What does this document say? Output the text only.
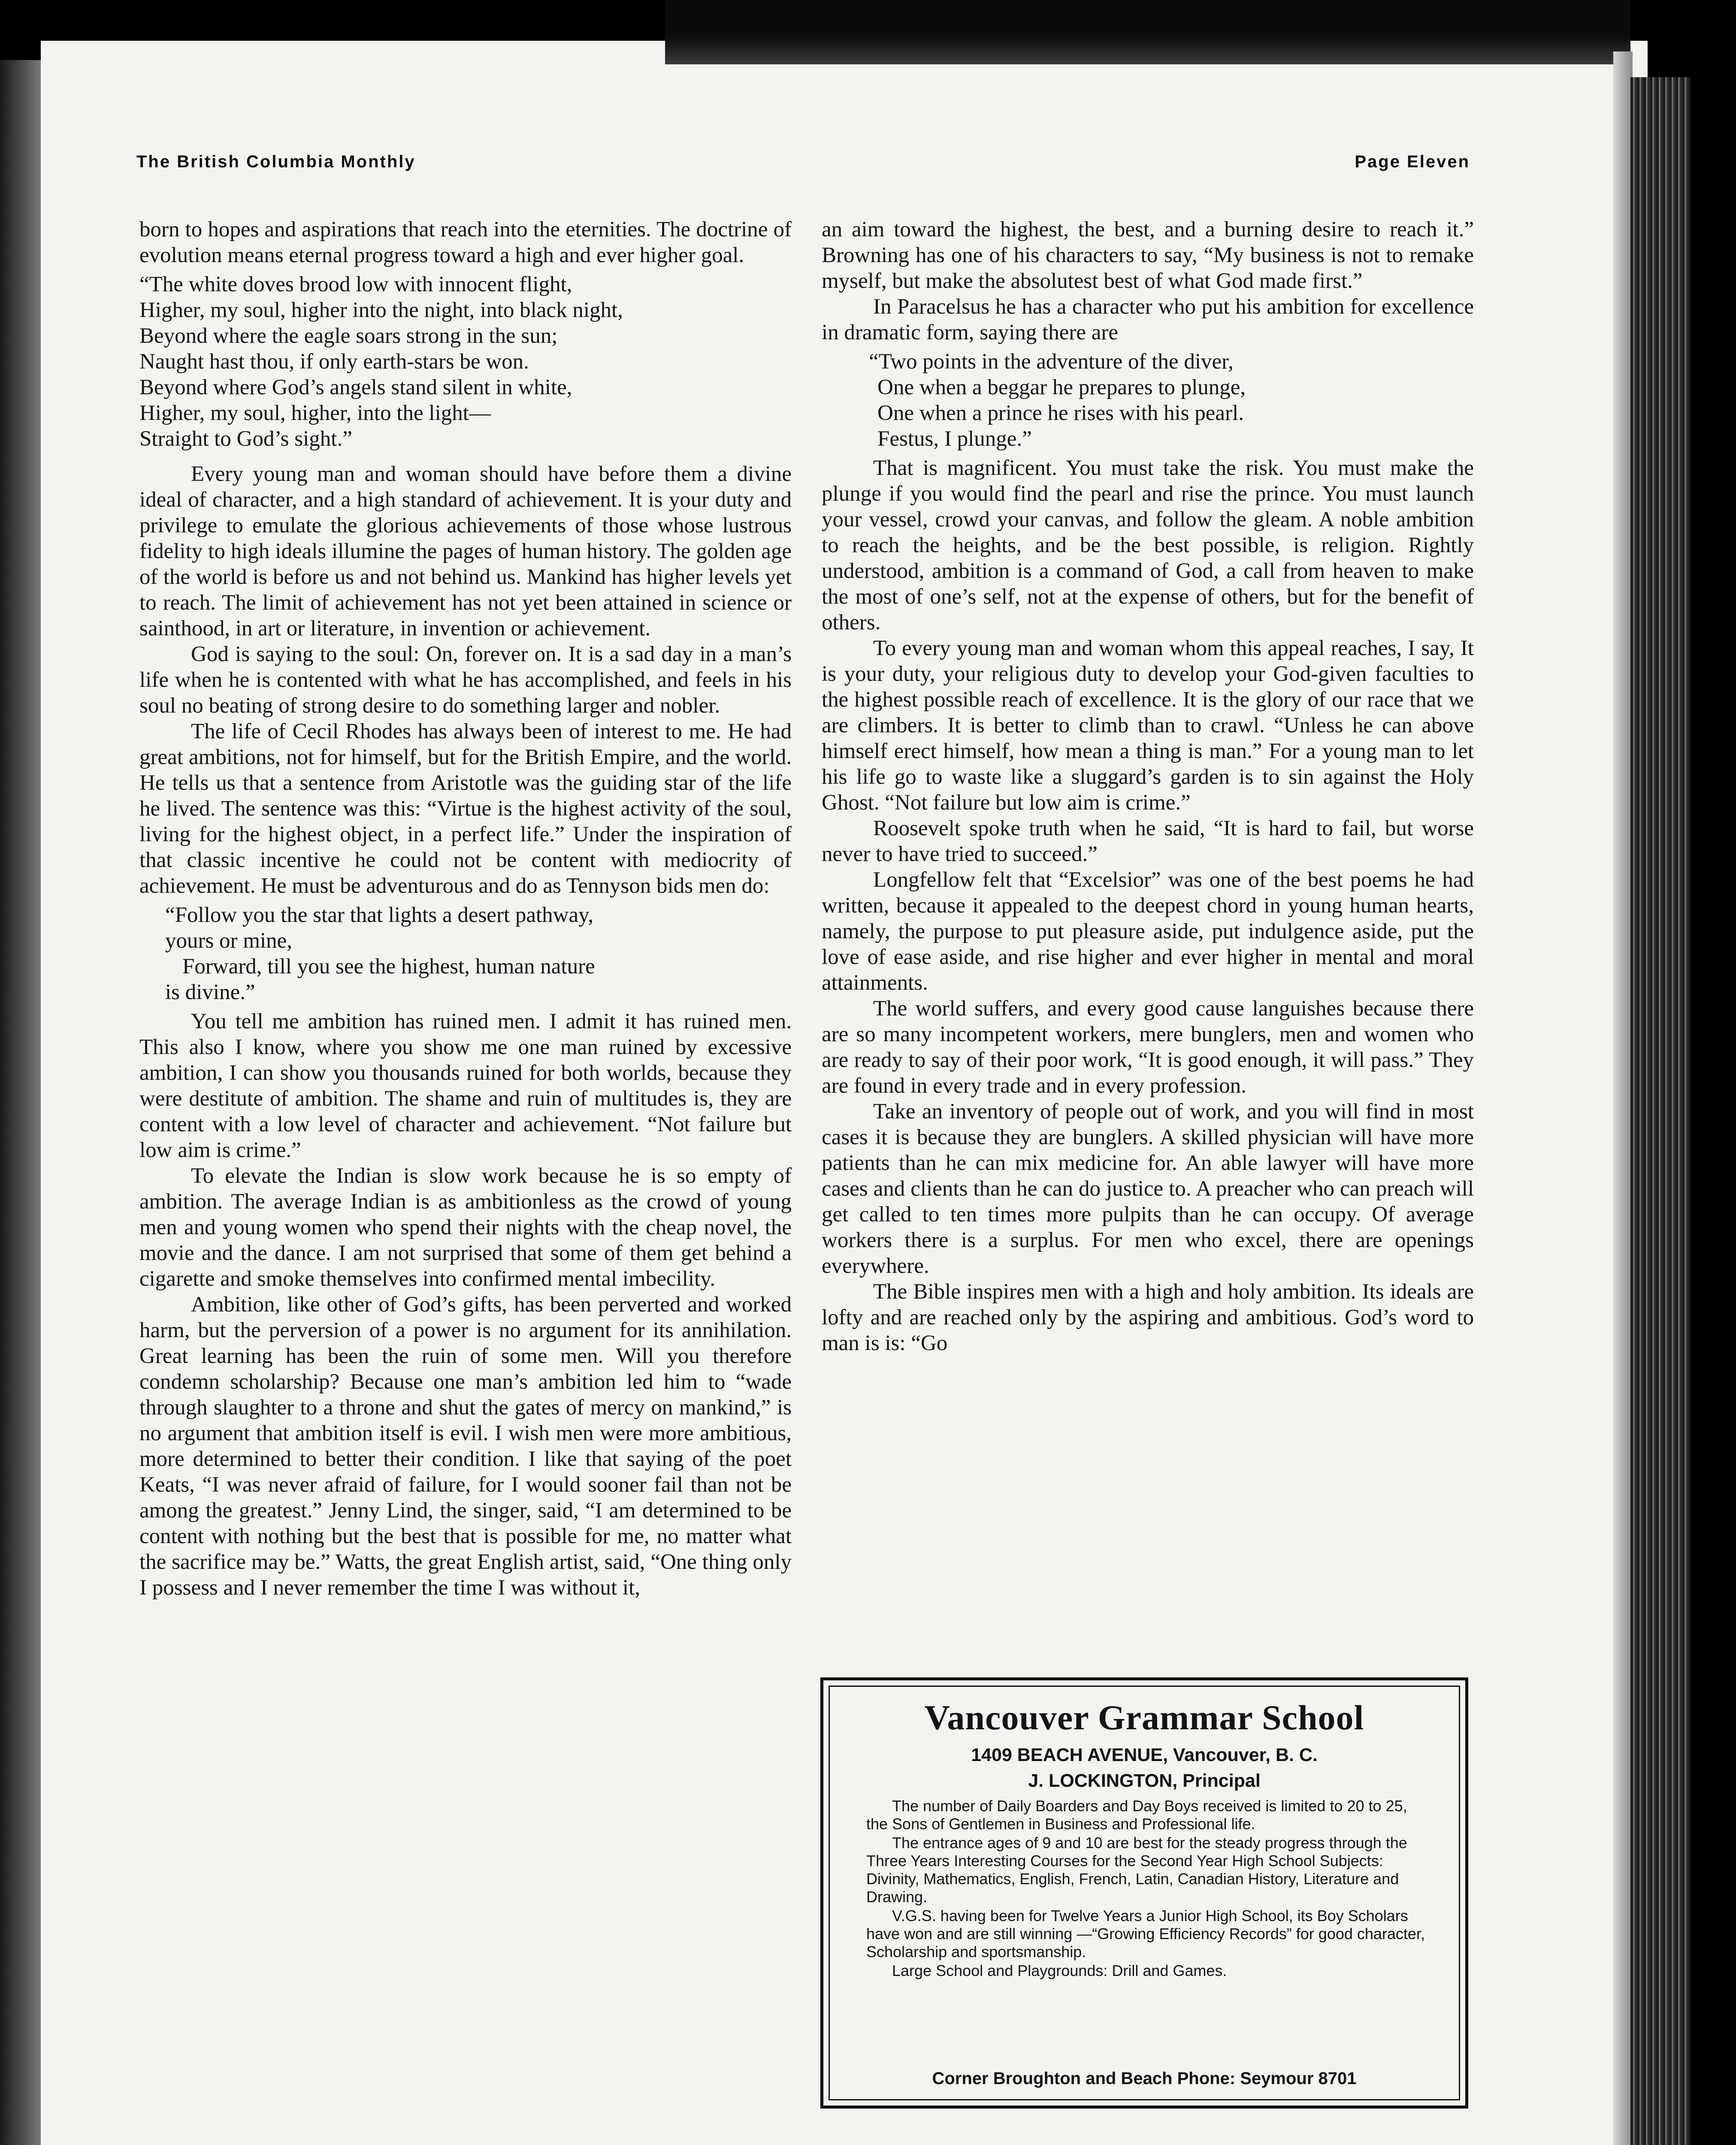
The British Columbia Monthly	Page Eleven

born to hopes and aspirations that reach into the eternities. The doctrine of evolution means eternal progress toward a high and ever higher goal.

“The white doves brood low with innocent flight,
Higher, my soul, higher into the night, into black night,
Beyond where the eagle soars strong in the sun;
Naught hast thou, if only earth-stars be won.
Beyond where God’s angels stand silent in white,
Higher, my soul, higher, into the light—
Straight to God’s sight.”

Every young man and woman should have before them a divine ideal of character, and a high standard of achievement. It is your duty and privilege to emulate the glorious achievements of those whose lustrous fidelity to high ideals illumine the pages of human history. The golden age of the world is before us and not behind us. Mankind has higher levels yet to reach. The limit of achievement has not yet been attained in science or sainthood, in art or literature, in invention or achievement.

God is saying to the soul: On, forever on. It is a sad day in a man’s life when he is contented with what he has accomplished, and feels in his soul no beating of strong desire to do something larger and nobler.

The life of Cecil Rhodes has always been of interest to me. He had great ambitions, not for himself, but for the British Empire, and the world. He tells us that a sentence from Aristotle was the guiding star of the life he lived. The sentence was this: “Virtue is the highest activity of the soul, living for the highest object, in a perfect life.” Under the inspiration of that classic incentive he could not be content with mediocrity of achievement. He must be adventurous and do as Tennyson bids men do:

“Follow you the star that lights a desert pathway,
yours or mine,
Forward, till you see the highest, human nature
is divine.”

You tell me ambition has ruined men. I admit it has ruined men. This also I know, where you show me one man ruined by excessive ambition, I can show you thousands ruined for both worlds, because they were destitute of ambition. The shame and ruin of multitudes is, they are content with a low level of character and achievement. “Not failure but low aim is crime.”

To elevate the Indian is slow work because he is so empty of ambition. The average Indian is as ambitionless as the crowd of young men and young women who spend their nights with the cheap novel, the movie and the dance. I am not surprised that some of them get behind a cigarette and smoke themselves into confirmed mental imbecility.

Ambition, like other of God’s gifts, has been perverted and worked harm, but the perversion of a power is no argument for its annihilation. Great learning has been the ruin of some men. Will you therefore condemn scholarship? Because one man’s ambition led him to “wade through slaughter to a throne and shut the gates of mercy on mankind,” is no argument that ambition itself is evil. I wish men were more ambitious, more determined to better their condition. I like that saying of the poet Keats, “I was never afraid of failure, for I would sooner fail than not be among the greatest.” Jenny Lind, the singer, said, “I am determined to be content with nothing but the best that is possible for me, no matter what the sacrifice may be.” Watts, the great English artist, said, “One thing only I possess and I never remember the time I was without it,

an aim toward the highest, the best, and a burning desire to reach it.” Browning has one of his characters to say, “My business is not to remake myself, but make the absolutest best of what God made first.”

In Paracelsus he has a character who put his ambition for excellence in dramatic form, saying there are

“Two points in the adventure of the diver,
One when a beggar he prepares to plunge,
One when a prince he rises with his pearl.
Festus, I plunge.”

That is magnificent. You must take the risk. You must make the plunge if you would find the pearl and rise the prince. You must launch your vessel, crowd your canvas, and follow the gleam. A noble ambition to reach the heights, and be the best possible, is religion. Rightly understood, ambition is a command of God, a call from heaven to make the most of one’s self, not at the expense of others, but for the benefit of others.

To every young man and woman whom this appeal reaches, I say, It is your duty, your religious duty to develop your God-given faculties to the highest possible reach of excellence. It is the glory of our race that we are climbers. It is better to climb than to crawl. “Unless he can above himself erect himself, how mean a thing is man.” For a young man to let his life go to waste like a sluggard’s garden is to sin against the Holy Ghost. “Not failure but low aim is crime.”

Roosevelt spoke truth when he said, “It is hard to fail, but worse never to have tried to succeed.”

Longfellow felt that “Excelsior” was one of the best poems he had written, because it appealed to the deepest chord in young human hearts, namely, the purpose to put pleasure aside, put indulgence aside, put the love of ease aside, and rise higher and ever higher in mental and moral attainments.

The world suffers, and every good cause languishes because there are so many incompetent workers, mere bunglers, men and women who are ready to say of their poor work, “It is good enough, it will pass.” They are found in every trade and in every profession.

Take an inventory of people out of work, and you will find in most cases it is because they are bunglers. A skilled physician will have more patients than he can mix medicine for. An able lawyer will have more cases and clients than he can do justice to. A preacher who can preach will get called to ten times more pulpits than he can occupy. Of average workers there is a surplus. For men who excel, there are openings everywhere.

The Bible inspires men with a high and holy ambition. Its ideals are lofty and are reached only by the aspiring and ambitious. God’s word to man is is: “Go

Vancouver Grammar School
1409 BEACH AVENUE, Vancouver, B. C.
J. LOCKINGTON, Principal

The number of Daily Boarders and Day Boys received is limited to 20 to 25, the Sons of Gentlemen in Business and Professional life.

The entrance ages of 9 and 10 are best for the steady progress through the Three Years Interesting Courses for the Second Year High School Subjects: Divinity, Mathematics, English, French, Latin, Canadian History, Literature and Drawing.

V.G.S. having been for Twelve Years a Junior High School, its Boy Scholars have won and are still winning —“Growing Efficiency Records” for good character, Scholarship and sportsmanship.

Large School and Playgrounds: Drill and Games.

Corner Broughton and Beach Phone: Seymour 8701
